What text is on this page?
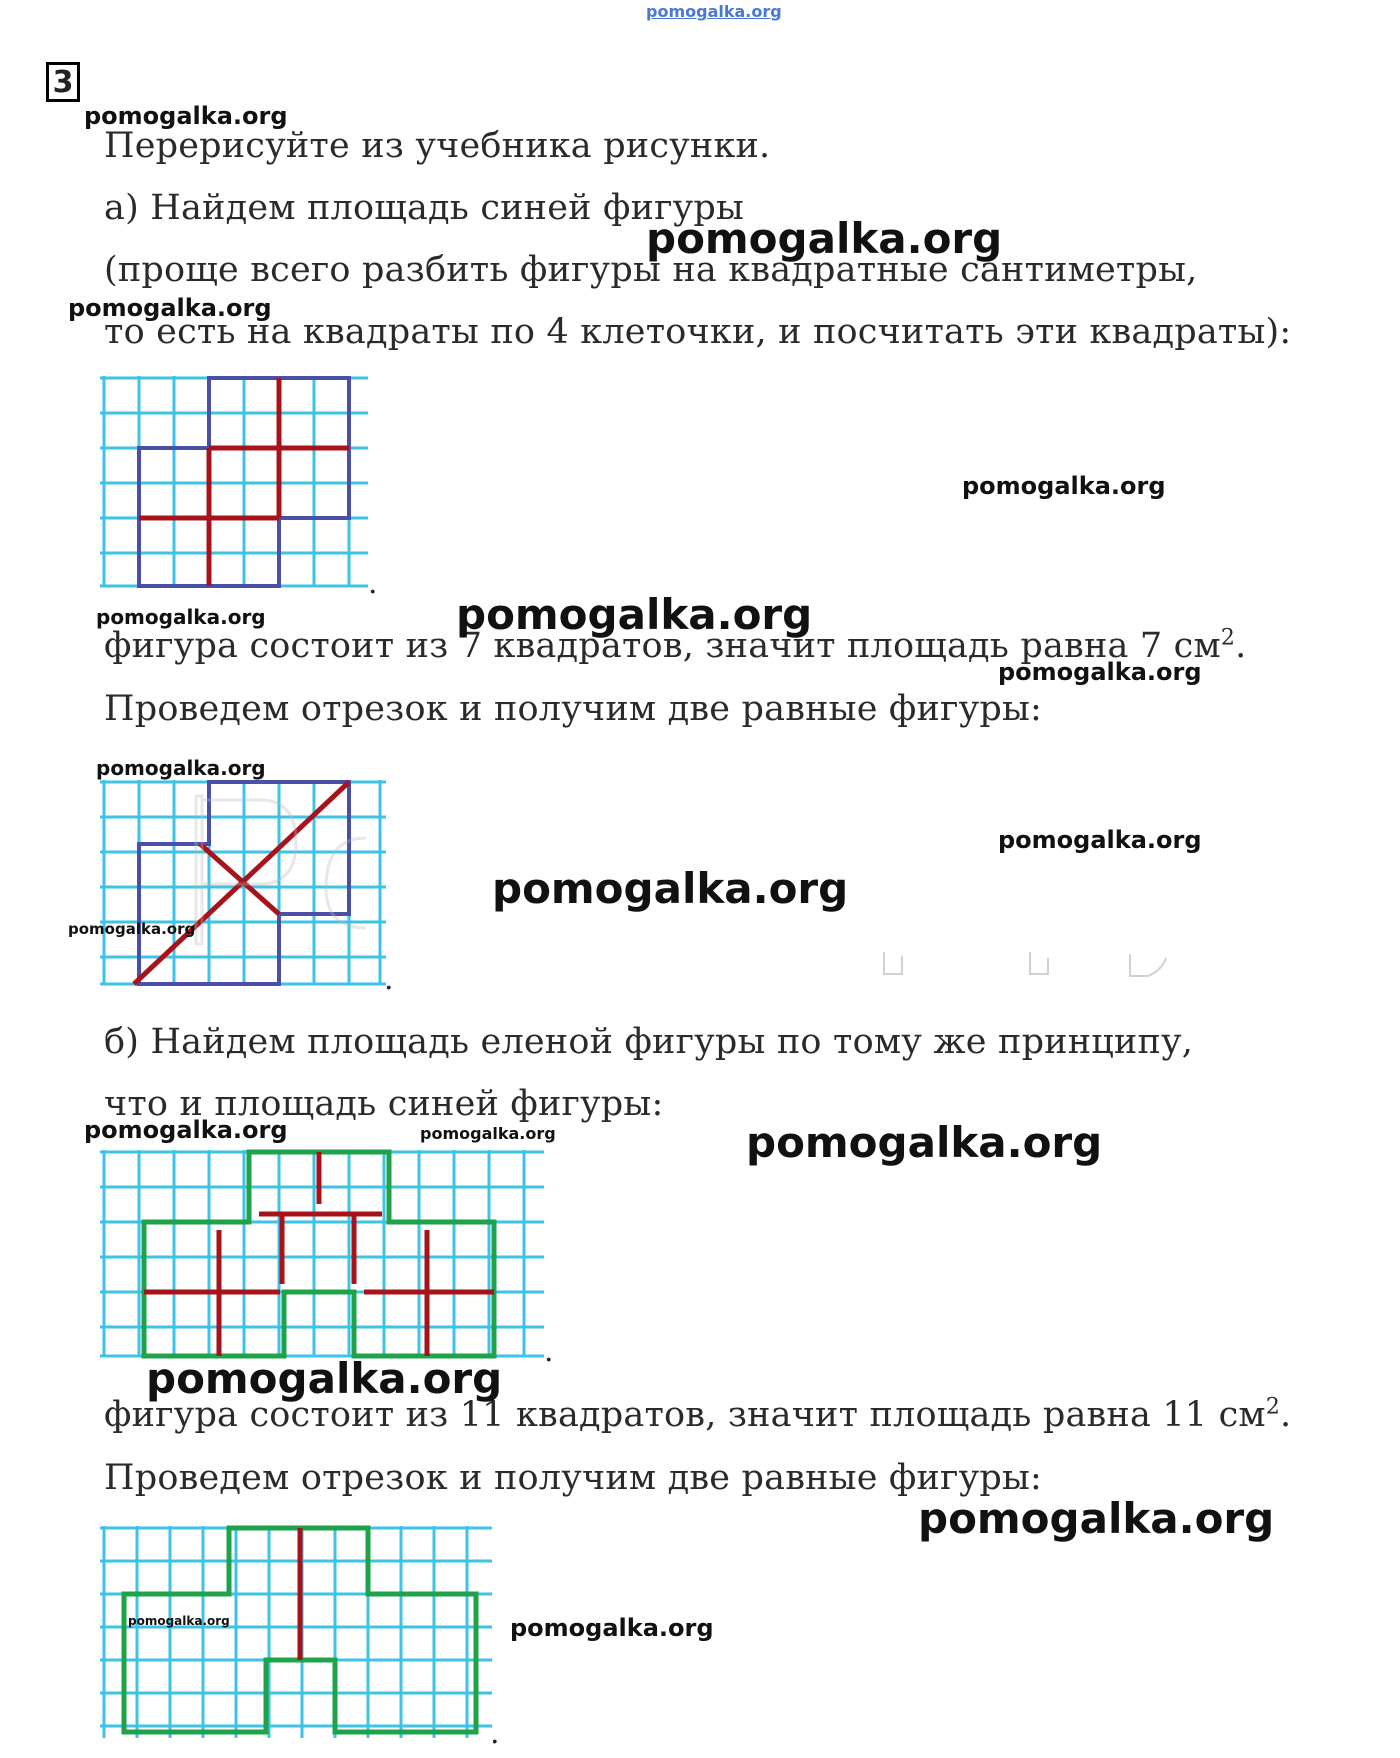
pomogalka.org
3
Перерисуйте из учебника рисунки.
а) Найдем площадь синей фигуры
(проще всего разбить фигуры на квадратные сантиметры,
то есть на квадраты по 4 клеточки, и посчитать эти квадраты):
фигура состоит из 7 квадратов, значит площадь равна 7 $см^2$.
Проведем отрезок и получим две равные фигуры:
б) Найдем площадь еленой фигуры по тому же принципу,
что и площадь синей фигуры:
фигура состоит из 11 квадратов, значит площадь равна 11 $см^2$.
Проведем отрезок и получим две равные фигуры:
.
.
.
.
pomogalka.org
pomogalka.org
pomogalka.org
pomogalka.org
pomogalka.org	pomogalka.org
pomogalka.org
pomogalka.org
pomogalka.org
pomogalka.org
pomogalka.org
pomogalka.org	pomogalka.org	pomogalka.org
pomogalka.org
pomogalka.org
pomogalka.org	pomogalka.org
